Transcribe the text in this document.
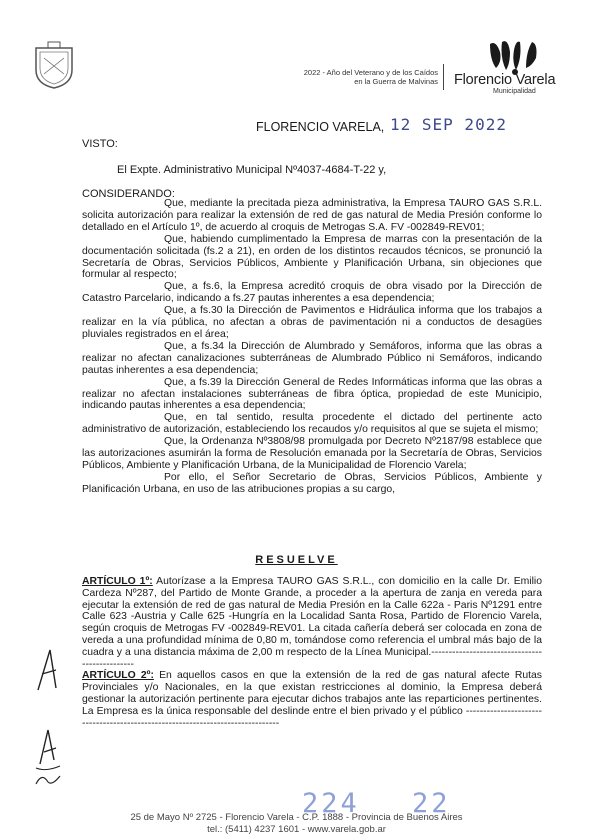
2022 - Año del Veterano y de los Caídos
en la Guerra de Malvinas Florencio Varela
Municipalidad
FLORENCIO VARELA, 12 SEP 2022
VISTO:
El Expte. Administrativo Municipal Nº4037-4684-T-22 y,
CONSIDERANDO:

Que, mediante la precitada pieza administrativa, la Empresa TAURO GAS S.R.L. solicita autorización para realizar la extensión de red de gas natural de Media Presión conforme lo detallado en el Artículo 1º, de acuerdo al croquis de Metrogas S.A. FV -002849-REV01;

Que, habiendo cumplimentado la Empresa de marras con la presentación de la documentación solicitada (fs.2 a 21), en orden de los distintos recaudos técnicos, se pronunció la Secretaría de Obras, Servicios Públicos, Ambiente y Planificación Urbana, sin objeciones que formular al respecto;

Que, a fs.6, la Empresa acreditó croquis de obra visado por la Dirección de Catastro Parcelario, indicando a fs.27 pautas inherentes a esa dependencia;

Que, a fs.30 la Dirección de Pavimentos e Hidráulica informa que los trabajos a realizar en la vía pública, no afectan a obras de pavimentación ni a conductos de desagües pluviales registrados en el área;

Que, a fs.34 la Dirección de Alumbrado y Semáforos, informa que las obras a realizar no afectan canalizaciones subterráneas de Alumbrado Público ni Semáforos, indicando pautas inherentes a esa dependencia;

Que, a fs.39 la Dirección General de Redes Informáticas informa que las obras a realizar no afectan instalaciones subterráneas de fibra óptica, propiedad de este Municipio, indicando pautas inherentes a esa dependencia;

Que, en tal sentido, resulta procedente el dictado del pertinente acto administrativo de autorización, estableciendo los recaudos y/o requisitos al que se sujeta el mismo;

Que, la Ordenanza Nº3808/98 promulgada por Decreto Nº2187/98 establece que las autorizaciones asumirán la forma de Resolución emanada por la Secretaría de Obras, Servicios Públicos, Ambiente y Planificación Urbana, de la Municipalidad de Florencio Varela;

Por ello, el Señor Secretario de Obras, Servicios Públicos, Ambiente y Planificación Urbana, en uso de las atribuciones propias a su cargo,

RESUELVE

ARTÍCULO 1º: Autorízase a la Empresa TAURO GAS S.R.L., con domicilio en la calle Dr. Emilio Cardeza Nº287, del Partido de Monte Grande, a proceder a la apertura de zanja en vereda para ejecutar la extensión de red de gas natural de Media Presión en la Calle 622a - Paris Nº1291 entre Calle 623 -Austria y Calle 625 -Hungría en la Localidad Santa Rosa, Partido de Florencio Varela, según croquis de Metrogas FV -002849-REV01. La citada cañería deberá ser colocada en zona de vereda a una profundidad mínima de 0,80 m, tomándose como referencia el umbral más bajo de la cuadra y a una distancia máxima de 2,00 m respecto de la Línea Municipal.-----------------------------------------------

ARTÍCULO 2º: En aquellos casos en que la extensión de la red de gas natural afecte Rutas Provinciales y/o Nacionales, en la que existan restricciones al dominio, la Empresa deberá gestionar la autorización pertinente para ejecutar dichos trabajos ante las reparticiones pertinentes. La Empresa es la única responsable del deslinde entre el bien privado y el público -------------------------------------------------------------------------------

224 22
25 de Mayo Nº 2725 - Florencio Varela - C.P. 1888 - Provincia de Buenos Aires
tel.: (5411) 4237 1601 - www.varela.gob.ar
